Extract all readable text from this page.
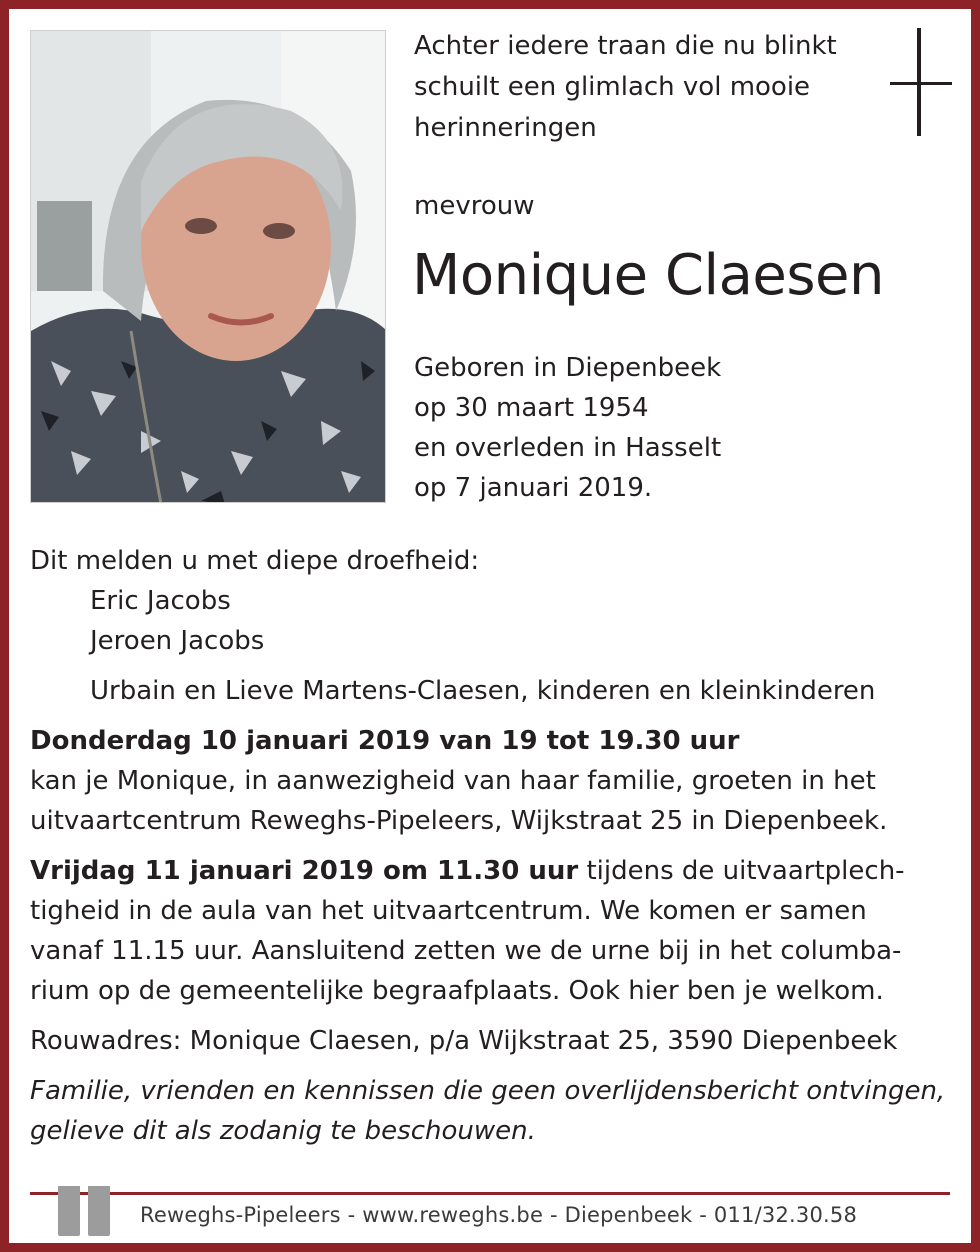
Achter iedere traan die nu blinkt
schuilt een glimlach vol mooie
herinneringen
mevrouw
Monique Claesen
Geboren in Diepenbeek
op 30 maart 1954
en overleden in Hasselt
op 7 januari 2019.
Dit melden u met diepe droefheid:
Eric Jacobs
Jeroen Jacobs
Urbain en Lieve Martens-Claesen, kinderen en kleinkinderen
Donderdag 10 januari 2019 van 19 tot 19.30 uur
kan je Monique, in aanwezigheid van haar familie, groeten in het
uitvaartcentrum Reweghs-Pipeleers, Wijkstraat 25 in Diepenbeek.
Vrijdag 11 januari 2019 om 11.30 uur tijdens de uitvaartplech-
tigheid in de aula van het uitvaartcentrum. We komen er samen
vanaf 11.15 uur. Aansluitend zetten we de urne bij in het columba-
rium op de gemeentelijke begraafplaats. Ook hier ben je welkom.
Rouwadres: Monique Claesen, p/a Wijkstraat 25, 3590 Diepenbeek
Familie, vrienden en kennissen die geen overlijdensbericht ontvingen,
gelieve dit als zodanig te beschouwen.
Reweghs-Pipeleers - www.reweghs.be - Diepenbeek - 011/32.30.58
